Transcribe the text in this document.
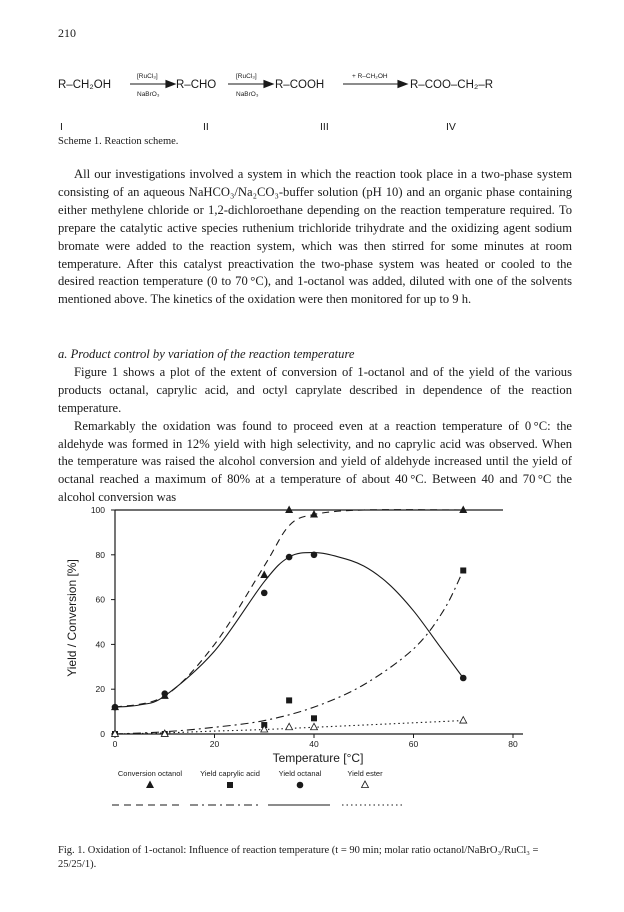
210
R–CH₂OH	R–CHO	R–COOH	R–COO–CH₂–R
[RuCl₃]
NaBrO₃
[RuCl₃]
NaBrO₃
+ R–CH₂OH
I	II	III	IV
Scheme 1. Reaction scheme.

All our investigations involved a system in which the reaction took place in a two-phase system consisting of an aqueous NaHCO₃/Na₂CO₃-buffer solution (pH 10) and an organic phase containing either methylene chloride or 1,2-dichloroethane depending on the reaction temperature required. To prepare the catalytic active species ruthenium trichloride trihydrate and the oxidizing agent sodium bromate were added to the reaction system, which was then stirred for some minutes at room temperature. After this catalyst preactivation the two-phase system was heated or cooled to the desired reaction temperature (0 to 70 °C), and 1-octanol was added, diluted with one of the solvents mentioned above. The kinetics of the oxidation were then monitored for up to 9 h.

a. Product control by variation of the reaction temperature

Figure 1 shows a plot of the extent of conversion of 1-octanol and of the yield of the various products octanal, caprylic acid, and octyl caprylate described in dependence of the reaction temperature.

Remarkably the oxidation was found to proceed even at a reaction temperature of 0 °C: the aldehyde was formed in 12% yield with high selectivity, and no caprylic acid was observed. When the temperature was raised the alcohol conversion and yield of aldehyde increased until the yield of octanal reached a maximum of 80% at a temperature of about 40 °C. Between 40 and 70 °C the alcohol conversion was

0	20	40	60	80
0
20
40
60
80
100
Temperature [°C]
Yield / Conversion [%]
Conversion octanol Yield caprylic acid	Yield octanal	Yield ester
Fig. 1. Oxidation of 1-octanol: Influence of reaction temperature (t = 90 min; molar ratio octanol/NaBrO₃/RuCl₃ = 25/25/1).
